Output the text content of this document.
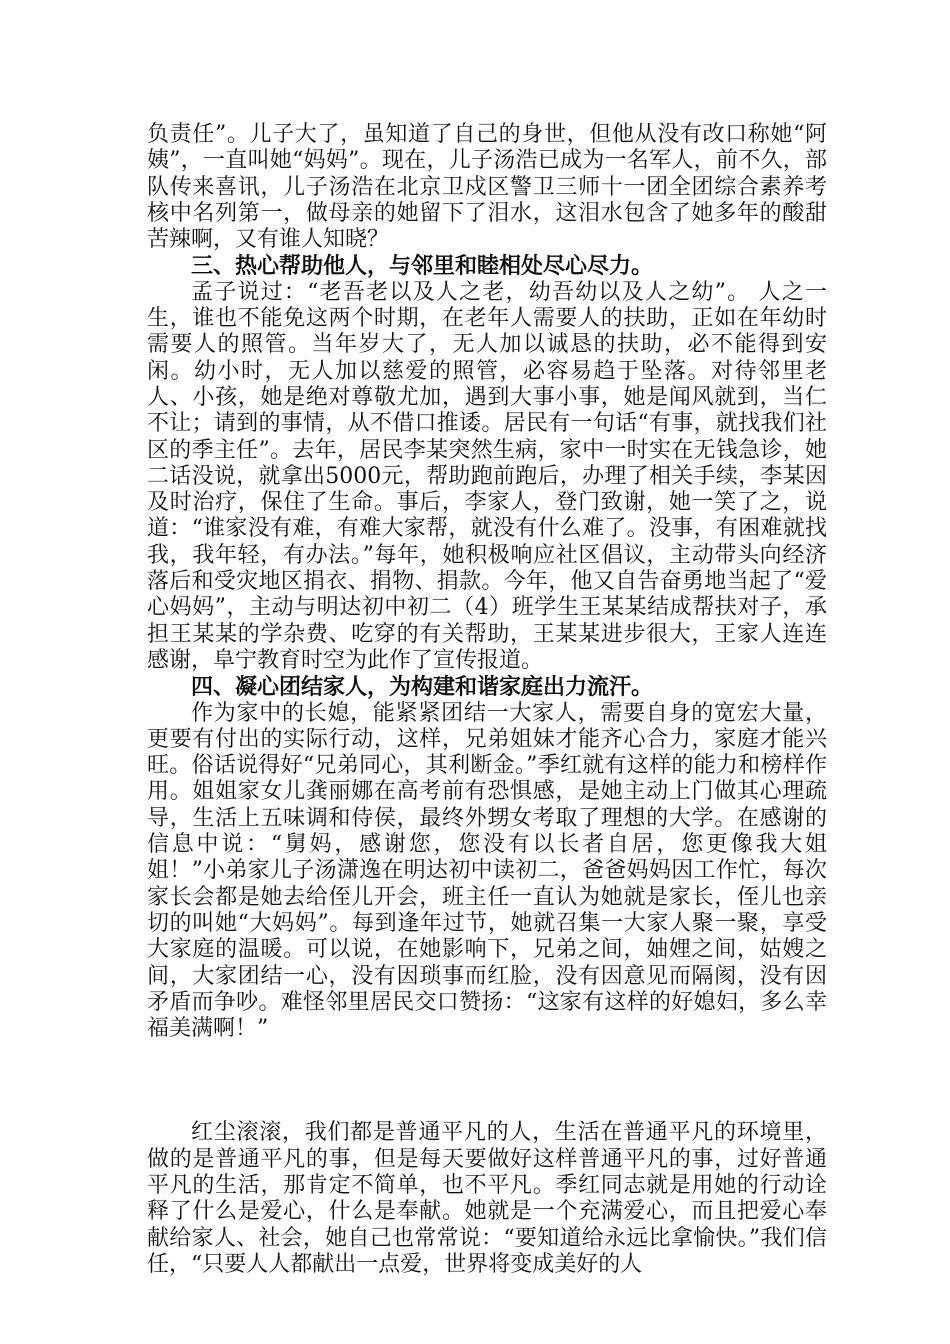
负责任”。儿子大了，虽知道了自己的身世，但他从没有改口称她“阿姨”，一直叫她“妈妈”。现在，儿子汤浩已成为一名军人，前不久，部队传来喜讯，儿子汤浩在北京卫戍区警卫三师十一团全团综合素养考核中名列第一，做母亲的她留下了泪水，这泪水包含了她多年的酸甜苦辣啊，又有谁人知晓？

三、热心帮助他人，与邻里和睦相处尽心尽力。

孟子说过：“老吾老以及人之老，幼吾幼以及人之幼”。 人之一生，谁也不能免这两个时期，在老年人需要人的扶助，正如在年幼时需要人的照管。当年岁大了，无人加以诚恳的扶助，必不能得到安闲。幼小时，无人加以慈爱的照管，必容易趋于坠落。对待邻里老人、小孩，她是绝对尊敬尤加，遇到大事小事，她是闻风就到，当仁不让；请到的事情，从不借口推诿。居民有一句话“有事，就找我们社区的季主任”。去年，居民李某突然生病，家中一时实在无钱急诊，她二话没说，就拿出5000元，帮助跑前跑后，办理了相关手续，李某因及时治疗，保住了生命。事后，李家人，登门致谢，她一笑了之，说道：“谁家没有难，有难大家帮，就没有什么难了。没事，有困难就找我，我年轻，有办法。”每年，她积极响应社区倡议，主动带头向经济落后和受灾地区捐衣、捐物、捐款。今年，他又自告奋勇地当起了“爱心妈妈”，主动与明达初中初二（4）班学生王某某结成帮扶对子，承担王某某的学杂费、吃穿的有关帮助，王某某进步很大，王家人连连感谢，阜宁教育时空为此作了宣传报道。

四、凝心团结家人，为构建和谐家庭出力流汗。

作为家中的长媳，能紧紧团结一大家人，需要自身的宽宏大量，更要有付出的实际行动，这样，兄弟姐妹才能齐心合力，家庭才能兴旺。俗话说得好“兄弟同心，其利断金。”季红就有这样的能力和榜样作用。姐姐家女儿龚丽娜在高考前有恐惧感，是她主动上门做其心理疏导，生活上五味调和侍侯，最终外甥女考取了理想的大学。在感谢的信息中说：“舅妈，感谢您，您没有以长者自居，您更像我大姐姐！”小弟家儿子汤潇逸在明达初中读初二，爸爸妈妈因工作忙，每次家长会都是她去给侄儿开会，班主任一直认为她就是家长，侄儿也亲切的叫她“大妈妈”。每到逢年过节，她就召集一大家人聚一聚，享受大家庭的温暖。可以说，在她影响下，兄弟之间，妯娌之间，姑嫂之间，大家团结一心，没有因琐事而红脸，没有因意见而隔阂，没有因矛盾而争吵。难怪邻里居民交口赞扬：“这家有这样的好媳妇，多么幸福美满啊！”

红尘滚滚，我们都是普通平凡的人，生活在普通平凡的环境里，做的是普通平凡的事，但是每天要做好这样普通平凡的事，过好普通平凡的生活，那肯定不简单，也不平凡。季红同志就是用她的行动诠释了什么是爱心，什么是奉献。她就是一个充满爱心，而且把爱心奉献给家人、社会，她自己也常常说：“要知道给永远比拿愉快。”我们信任，“只要人人都献出一点爱，世界将变成美好的人
